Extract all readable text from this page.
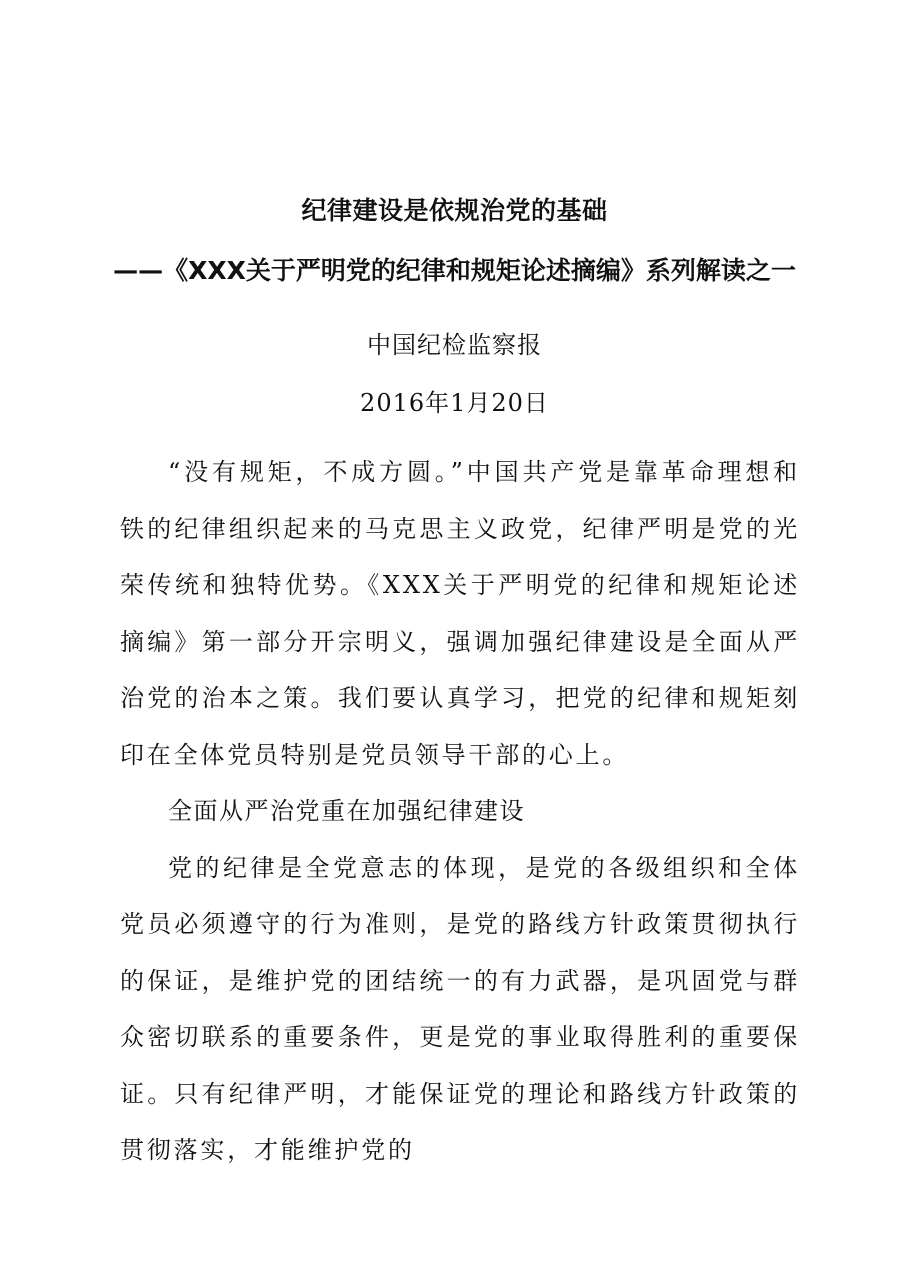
纪律建设是依规治党的基础
——《XXX关于严明党的纪律和规矩论述摘编》系列解读之一
中国纪检监察报
2016年1月20日

“没有规矩，不成方圆。”中国共产党是靠革命理想和铁的纪律组织起来的马克思主义政党，纪律严明是党的光荣传统和独特优势。《XXX关于严明党的纪律和规矩论述摘编》第一部分开宗明义，强调加强纪律建设是全面从严治党的治本之策。我们要认真学习，把党的纪律和规矩刻印在全体党员特别是党员领导干部的心上。

全面从严治党重在加强纪律建设

党的纪律是全党意志的体现，是党的各级组织和全体党员必须遵守的行为准则，是党的路线方针政策贯彻执行的保证，是维护党的团结统一的有力武器，是巩固党与群众密切联系的重要条件，更是党的事业取得胜利的重要保证。只有纪律严明，才能保证党的理论和路线方针政策的贯彻落实，才能维护党的
